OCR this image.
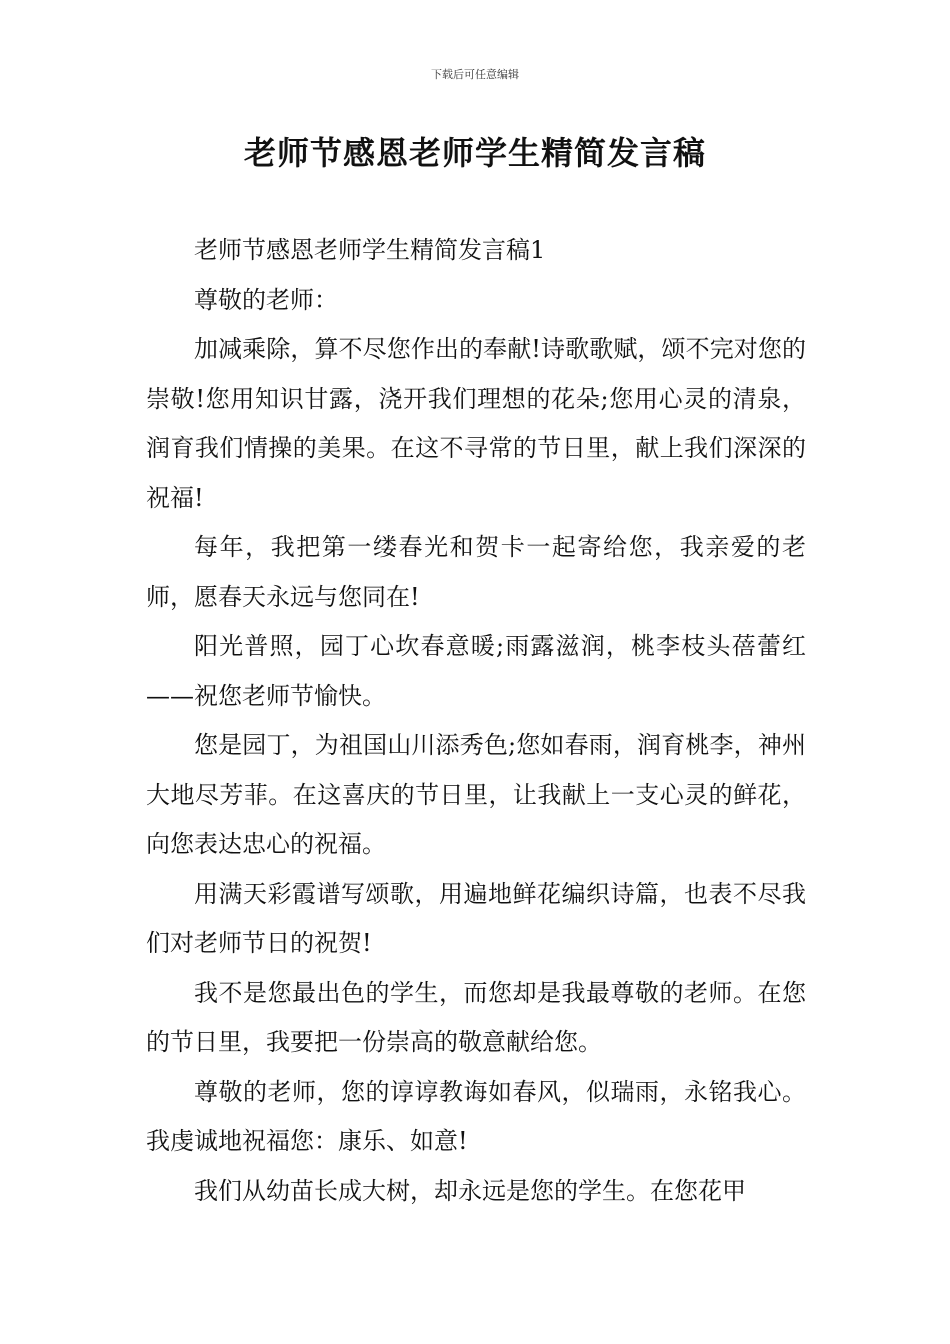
下载后可任意编辑
老师节感恩老师学生精简发言稿

老师节感恩老师学生精简发言稿1

尊敬的老师：

加减乘除，算不尽您作出的奉献!诗歌歌赋，颂不完对您的崇敬!您用知识甘露，浇开我们理想的花朵;您用心灵的清泉，润育我们情操的美果。在这不寻常的节日里，献上我们深深的祝福!

每年，我把第一缕春光和贺卡一起寄给您，我亲爱的老师，愿春天永远与您同在!

阳光普照，园丁心坎春意暖;雨露滋润，桃李枝头蓓蕾红——祝您老师节愉快。

您是园丁，为祖国山川添秀色;您如春雨，润育桃李，神州大地尽芳菲。在这喜庆的节日里，让我献上一支心灵的鲜花，向您表达忠心的祝福。

用满天彩霞谱写颂歌，用遍地鲜花编织诗篇，也表不尽我们对老师节日的祝贺!

我不是您最出色的学生，而您却是我最尊敬的老师。在您的节日里，我要把一份崇高的敬意献给您。

尊敬的老师，您的谆谆教诲如春风，似瑞雨，永铭我心。我虔诚地祝福您：康乐、如意!

我们从幼苗长成大树，却永远是您的学生。在您花甲
